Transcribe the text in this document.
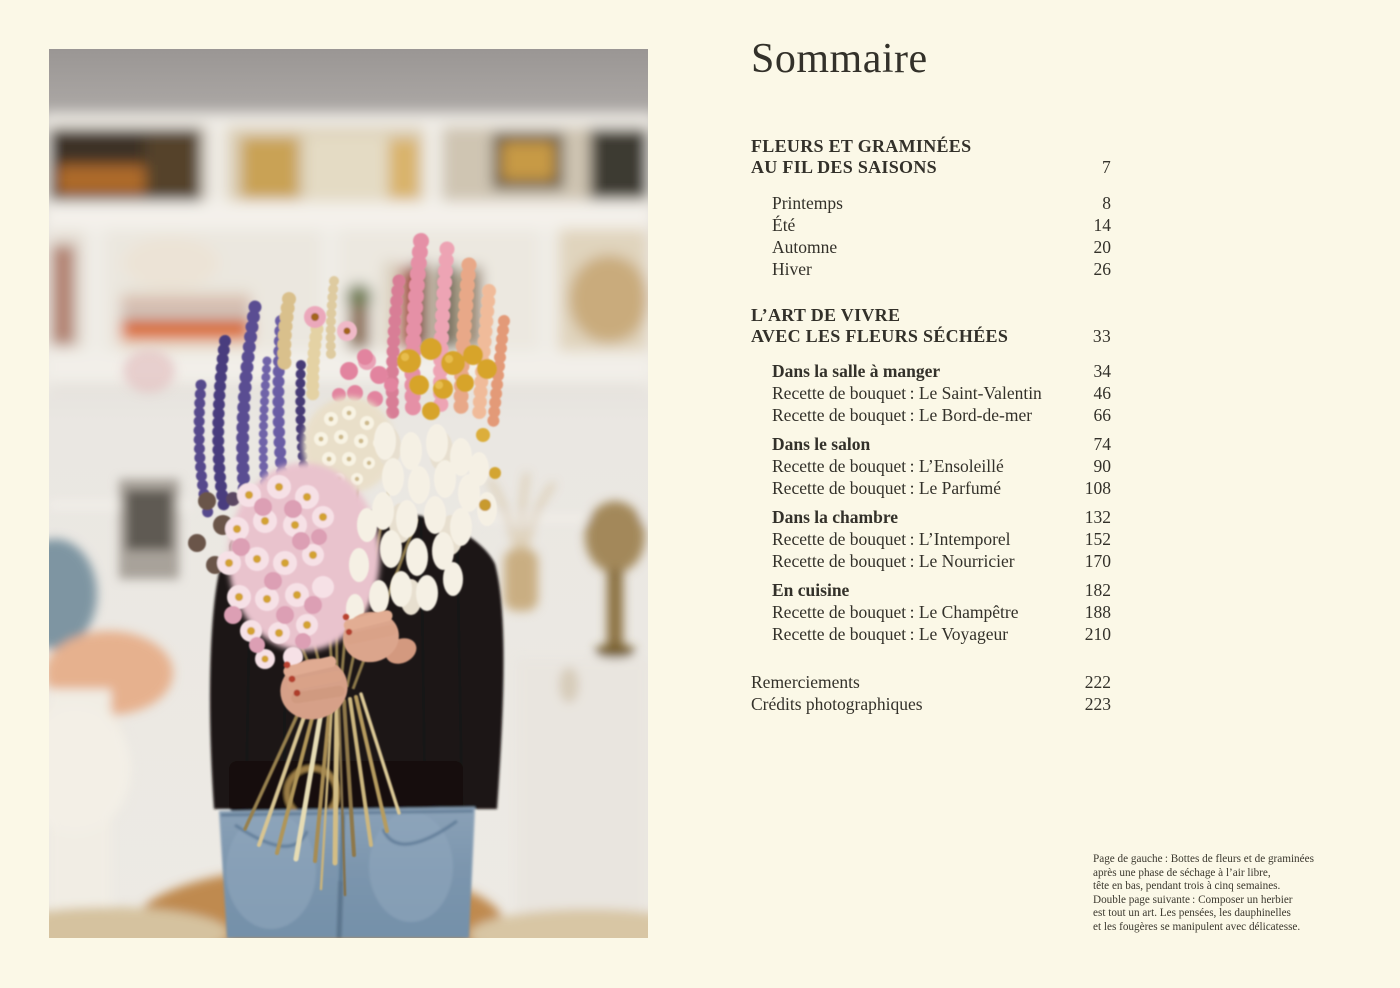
Sommaire
FLEURS ET GRAMINÉES
AU FIL DES SAISONS	7
Printemps	8
Été	14
Automne	20
Hiver	26
L’ART DE VIVRE
AVEC LES FLEURS SÉCHÉES	33
Dans la salle à manger	34
Recette de bouquet : Le Saint-Valentin	46
Recette de bouquet : Le Bord-de-mer	66
Dans le salon	74
Recette de bouquet : L’Ensoleillé	90
Recette de bouquet : Le Parfumé	108
Dans la chambre	132
Recette de bouquet : L’Intemporel	152
Recette de bouquet : Le Nourricier	170
En cuisine	182
Recette de bouquet : Le Champêtre	188
Recette de bouquet : Le Voyageur	210
Remerciements	222
Crédits photographiques	223
Page de gauche : Bottes de fleurs et de graminées
après une phase de séchage à l’air libre,
tête en bas, pendant trois à cinq semaines.
Double page suivante : Composer un herbier
est tout un art. Les pensées, les dauphinelles
et les fougères se manipulent avec délicatesse.
